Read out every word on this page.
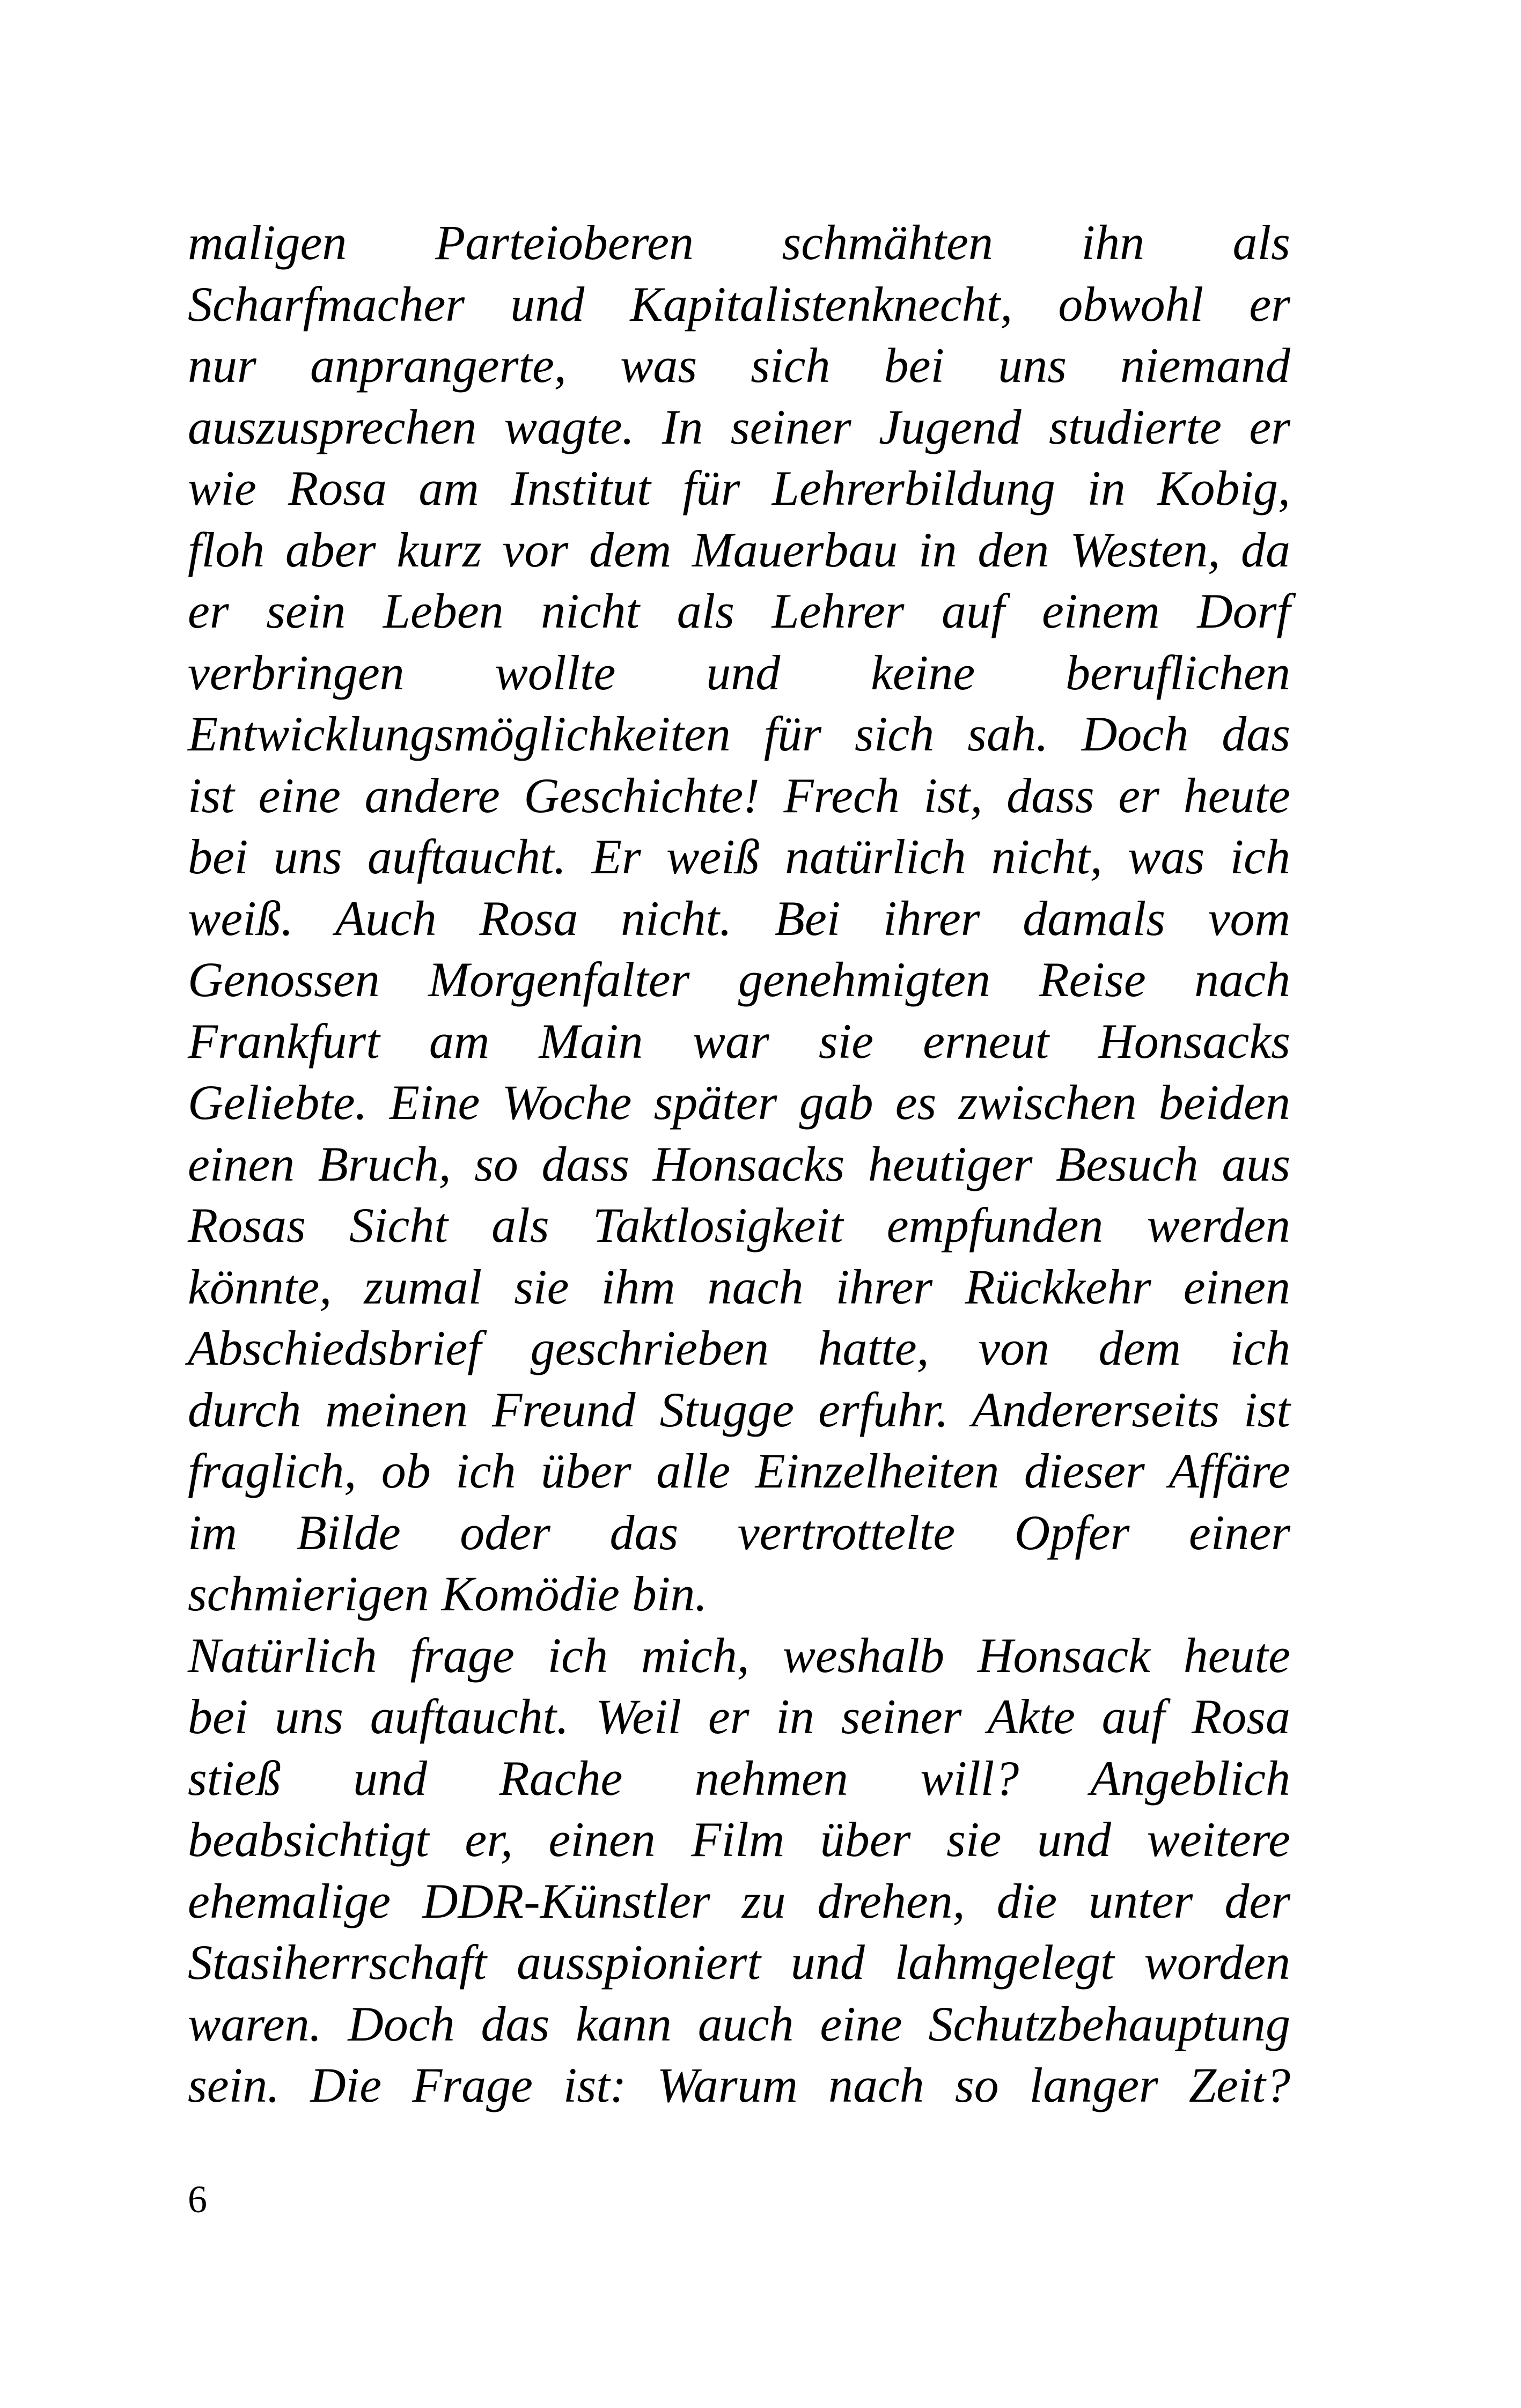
maligen Parteioberen schmähten ihn als
Scharfmacher und Kapitalistenknecht, obwohl er
nur anprangerte, was sich bei uns niemand
auszusprechen wagte. In seiner Jugend studierte er
wie Rosa am Institut für Lehrerbildung in Kobig,
floh aber kurz vor dem Mauerbau in den Westen, da
er sein Leben nicht als Lehrer auf einem Dorf
verbringen wollte und keine beruflichen
Entwicklungsmöglichkeiten für sich sah. Doch das
ist eine andere Geschichte! Frech ist, dass er heute
bei uns auftaucht. Er weiß natürlich nicht, was ich
weiß. Auch Rosa nicht. Bei ihrer damals vom
Genossen Morgenfalter genehmigten Reise nach
Frankfurt am Main war sie erneut Honsacks
Geliebte. Eine Woche später gab es zwischen beiden
einen Bruch, so dass Honsacks heutiger Besuch aus
Rosas Sicht als Taktlosigkeit empfunden werden
könnte, zumal sie ihm nach ihrer Rückkehr einen
Abschiedsbrief geschrieben hatte, von dem ich
durch meinen Freund Stugge erfuhr. Andererseits ist
fraglich, ob ich über alle Einzelheiten dieser Affäre
im Bilde oder das vertrottelte Opfer einer
schmierigen Komödie bin.
Natürlich frage ich mich, weshalb Honsack heute
bei uns auftaucht. Weil er in seiner Akte auf Rosa
stieß und Rache nehmen will? Angeblich
beabsichtigt er, einen Film über sie und weitere
ehemalige DDR-Künstler zu drehen, die unter der
Stasiherrschaft ausspioniert und lahmgelegt worden
waren. Doch das kann auch eine Schutzbehauptung
sein. Die Frage ist: Warum nach so langer Zeit?
6
